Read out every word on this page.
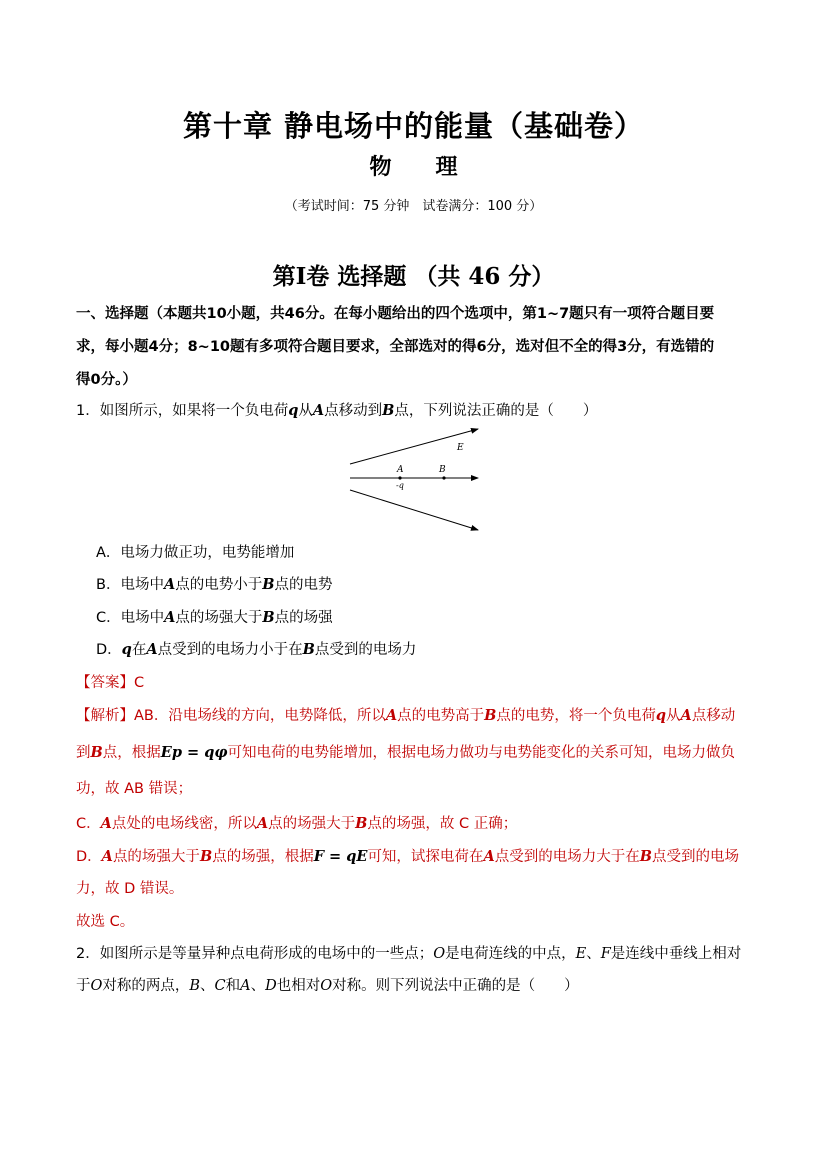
第十章 静电场中的能量（基础卷）
物 理
（考试时间：75 分钟　试卷满分：100 分）
第Ⅰ卷 选择题 （共 46 分）
一、选择题（本题共10小题，共46分。在每小题给出的四个选项中，第1~7题只有一项符合题目要
求，每小题4分；8~10题有多项符合题目要求，全部选对的得6分，选对但不全的得3分，有选错的
得0分。）
1．如图所示，如果将一个负电荷q从A点移动到B点，下列说法正确的是（　　）
E
A	B
-q
A．电场力做正功，电势能增加
B．电场中A点的电势小于B点的电势
C．电场中A点的场强大于B点的场强
D．q在A点受到的电场力小于在B点受到的电场力
【答案】C
【解析】AB．沿电场线的方向，电势降低，所以A点的电势高于B点的电势，将一个负电荷q从A点移动
到B点，根据Ep = qφ可知电荷的电势能增加，根据电场力做功与电势能变化的关系可知，电场力做负
功，故 AB 错误；
C．A点处的电场线密，所以A点的场强大于B点的场强，故 C 正确；
D．A点的场强大于B点的场强，根据F = qE可知，试探电荷在A点受到的电场力大于在B点受到的电场
力，故 D 错误。
故选 C。
2．如图所示是等量异种点电荷形成的电场中的一些点；O是电荷连线的中点，E、F是连线中垂线上相对
于O对称的两点，B、C和A、D也相对O对称。则下列说法中正确的是（　　）
